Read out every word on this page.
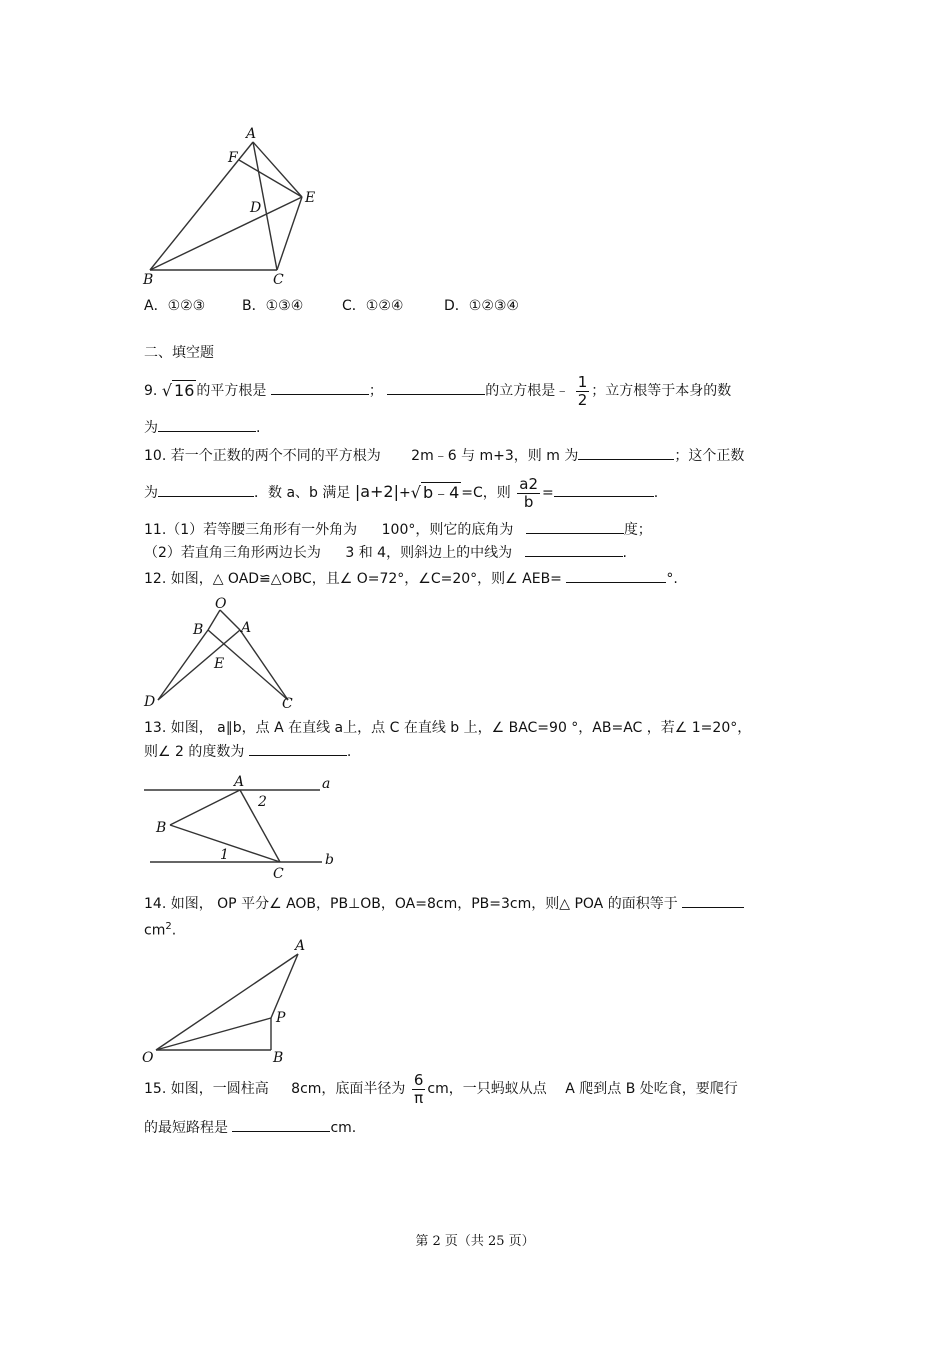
A
F
D
E
B	C
A．①②③	B．①③④	C．①②④	D．①②③④
二、填空题
9. √ 16 的平方根是	；	的立方根是﹣ $\frac{1}{2}$ ；立方根等于本身的数
为	.
10. 若一个正数的两个不同的平方根为 2m﹣6 与 m+3，则 m 为	；这个正数
为	．数 a、b 满足 |a+2|+√ b﹣4 =C，则 $\frac{a2}{b}$ =	.
11.（1）若等腰三角形有一外角为 100°，则它的底角为	度；
（2）若直角三角形两边长为 3 和 4，则斜边上的中线为	.
12. 如图，△ OAD≌△OBC，且∠ O=72°，∠C=20°，则∠ AEB=	°.
O
B	A
E
D	C
13. 如图， a∥b，点 A 在直线 a上，点 C 在直线 b 上，∠ BAC=90 °，AB=AC ，若∠ 1=20°，
则∠ 2 的度数为	.
A	a
2
B
1
C
b
14. 如图， OP 平分∠ AOB，PB⊥OB，OA=8cm，PB=3cm，则△ POA 的面积等于
$cm^2$.
A
P
O	B
15. 如图，一圆柱高 8cm，底面半径为 $\frac{6}{\pi}$ cm，一只蚂蚁从点 A 爬到点 B 处吃食，要爬行
的最短路程是	cm.
第 2 页（共 25 页）
